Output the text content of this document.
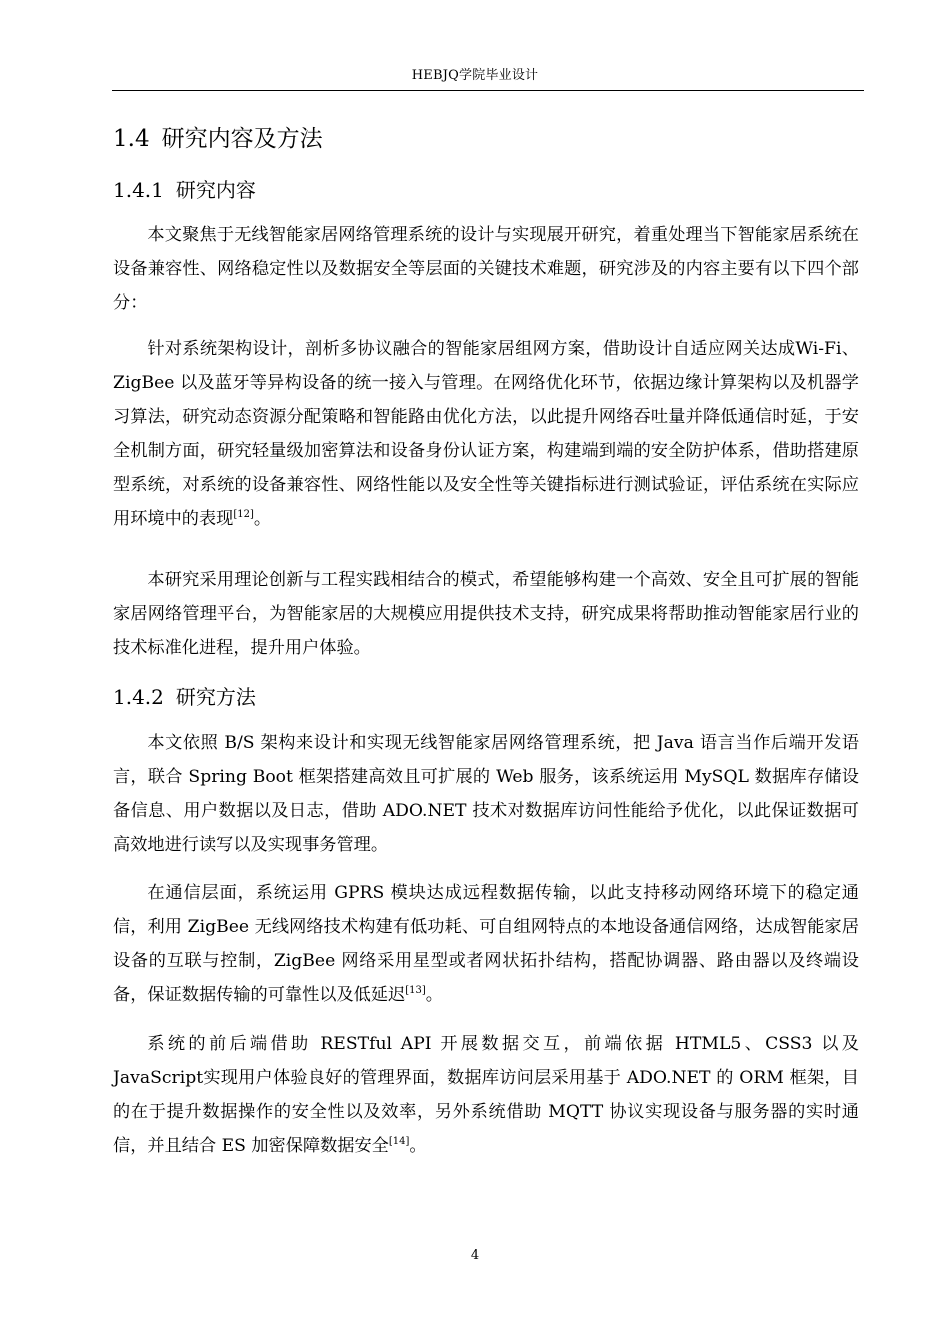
HEBJQ学院毕业设计
1.4 研究内容及方法
1.4.1 研究内容

本文聚焦于无线智能家居网络管理系统的设计与实现展开研究，着重处理当下智能家居系统在设备兼容性、网络稳定性以及数据安全等层面的关键技术难题，研究涉及的内容主要有以下四个部分：

针对系统架构设计，剖析多协议融合的智能家居组网方案，借助设计自适应网关达成Wi-Fi、ZigBee 以及蓝牙等异构设备的统一接入与管理。在网络优化环节，依据边缘计算架构以及机器学习算法，研究动态资源分配策略和智能路由优化方法，以此提升网络吞吐量并降低通信时延，于安全机制方面，研究轻量级加密算法和设备身份认证方案，构建端到端的安全防护体系，借助搭建原型系统，对系统的设备兼容性、网络性能以及安全性等关键指标进行测试验证，评估系统在实际应用环境中的表现[12]。

本研究采用理论创新与工程实践相结合的模式，希望能够构建一个高效、安全且可扩展的智能家居网络管理平台，为智能家居的大规模应用提供技术支持，研究成果将帮助推动智能家居行业的技术标准化进程，提升用户体验。

1.4.2 研究方法

本文依照 B/S 架构来设计和实现无线智能家居网络管理系统，把 Java 语言当作后端开发语言，联合 Spring Boot 框架搭建高效且可扩展的 Web 服务，该系统运用 MySQL 数据库存储设备信息、用户数据以及日志，借助 ADO.NET 技术对数据库访问性能给予优化，以此保证数据可高效地进行读写以及实现事务管理。

在通信层面，系统运用 GPRS 模块达成远程数据传输，以此支持移动网络环境下的稳定通信，利用 ZigBee 无线网络技术构建有低功耗、可自组网特点的本地设备通信网络，达成智能家居设备的互联与控制，ZigBee 网络采用星型或者网状拓扑结构，搭配协调器、路由器以及终端设备，保证数据传输的可靠性以及低延迟[13]。

系统的前后端借助 RESTful API 开展数据交互，前端依据 HTML5、CSS3 以及JavaScript实现用户体验良好的管理界面，数据库访问层采用基于 ADO.NET 的 ORM 框架，目的在于提升数据操作的安全性以及效率，另外系统借助 MQTT 协议实现设备与服务器的实时通信，并且结合 ES 加密保障数据安全[14]。

4
